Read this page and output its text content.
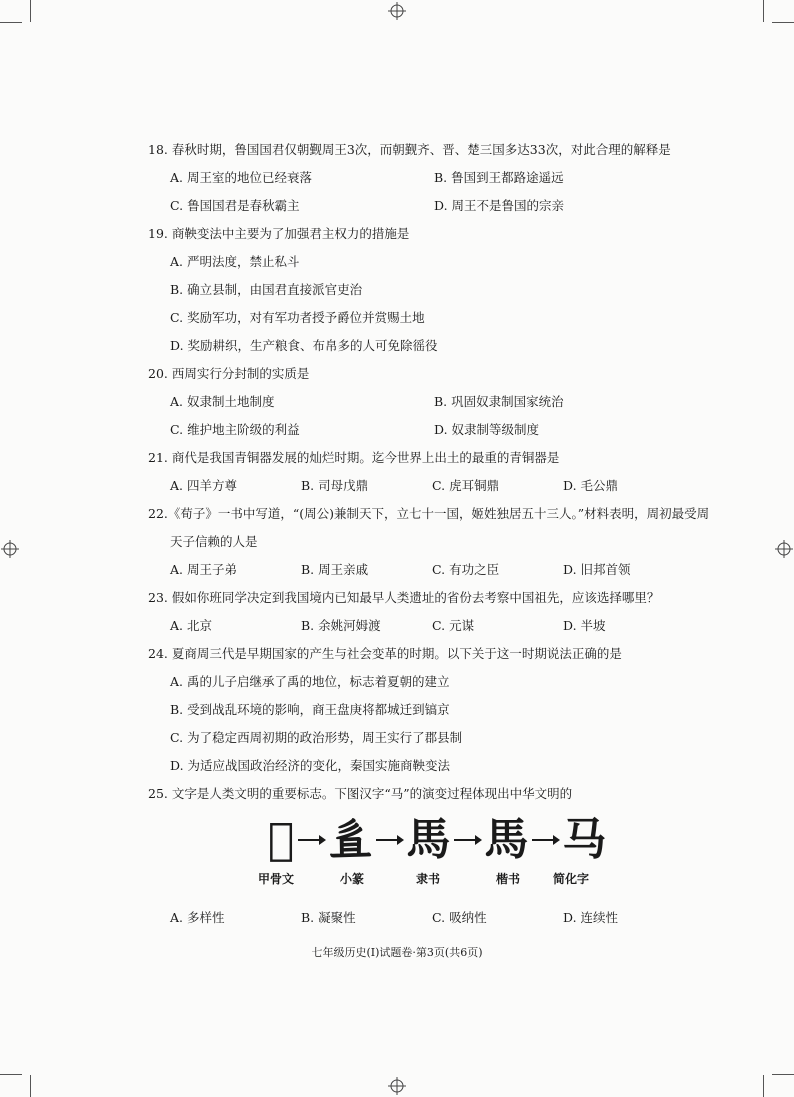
18. 春秋时期，鲁国国君仅朝觐周王3次，而朝觐齐、晋、楚三国多达33次，对此合理的解释是
A. 周王室的地位已经衰落	B. 鲁国到王都路途遥远
C. 鲁国国君是春秋霸主	D. 周王不是鲁国的宗亲
19. 商鞅变法中主要为了加强君主权力的措施是
A. 严明法度，禁止私斗
B. 确立县制，由国君直接派官吏治
C. 奖励军功，对有军功者授予爵位并赏赐土地
D. 奖励耕织，生产粮食、布帛多的人可免除徭役
20. 西周实行分封制的实质是
A. 奴隶制土地制度	B. 巩固奴隶制国家统治
C. 维护地主阶级的利益	D. 奴隶制等级制度
21. 商代是我国青铜器发展的灿烂时期。迄今世界上出土的最重的青铜器是
A. 四羊方尊	B. 司母戊鼎	C. 虎耳铜鼎	D. 毛公鼎
22.《荀子》一书中写道，“(周公)兼制天下，立七十一国，姬姓独居五十三人。”材料表明，周初最受周
天子信赖的人是
A. 周王子弟	B. 周王亲戚	C. 有功之臣	D. 旧邦首领
23. 假如你班同学决定到我国境内已知最早人类遗址的省份去考察中国祖先，应该选择哪里？
A. 北京	B. 余姚河姆渡	C. 元谋	D. 半坡
24. 夏商周三代是早期国家的产生与社会变革的时期。以下关于这一时期说法正确的是
A. 禹的儿子启继承了禹的地位，标志着夏朝的建立
B. 受到战乱环境的影响，商王盘庚将都城迁到镐京
C. 为了稳定西周初期的政治形势，周王实行了郡县制
D. 为适应战国政治经济的变化，秦国实施商鞅变法
25. 文字是人类文明的重要标志。下图汉字“马”的演变过程体现出中华文明的
𢑚 𢒉 馬 馬 马
甲骨文	小篆	隶书	楷书	简化字
A. 多样性	B. 凝聚性	C. 吸纳性	D. 连续性
七年级历史(I)试题卷·第3页(共6页)
